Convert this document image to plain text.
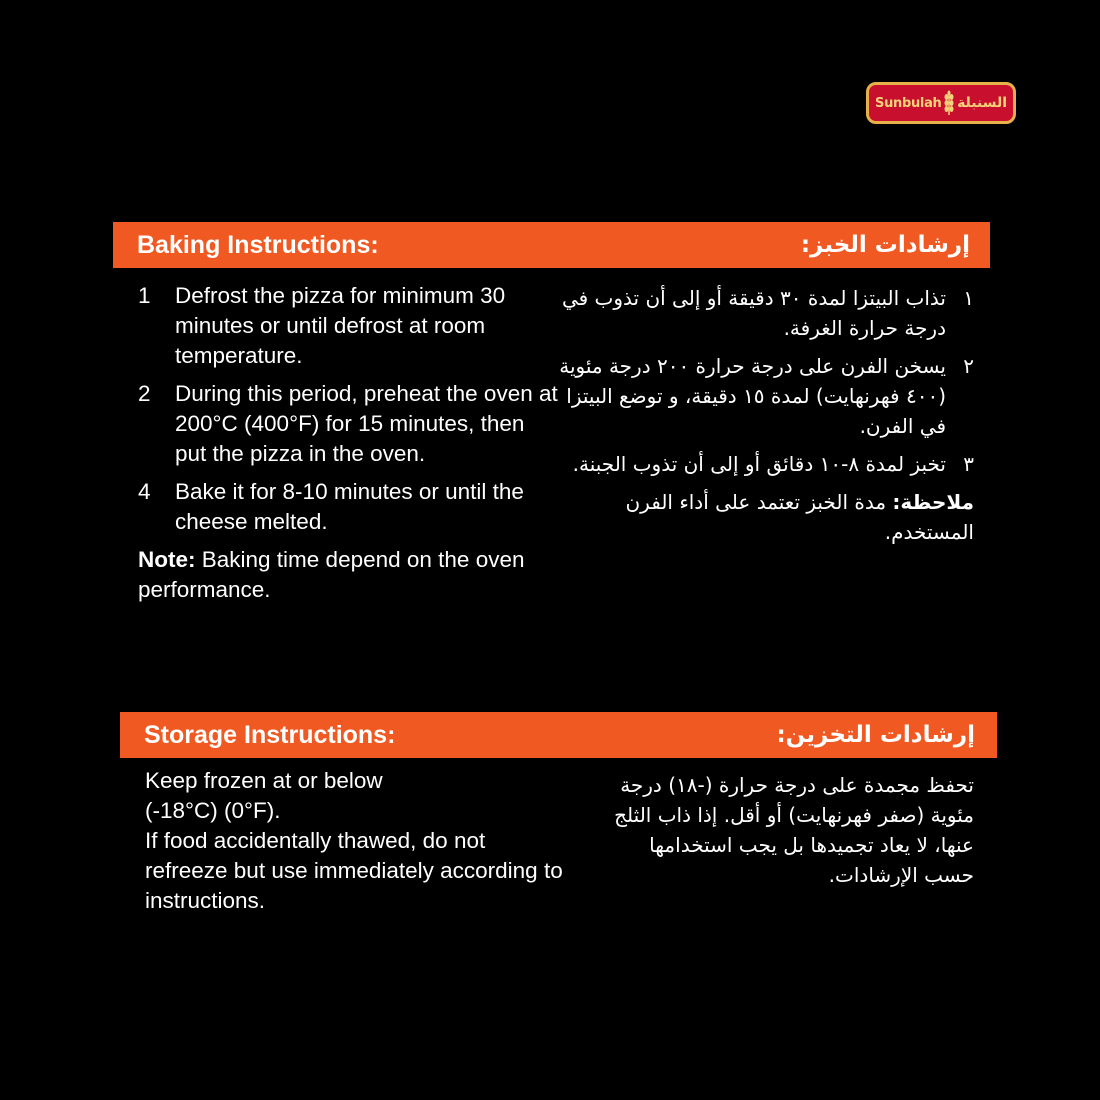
Sunbulah السنبلة
Baking Instructions:	إرشادات الخبز:
1	Defrost the pizza for minimum 30 minutes or until defrost at room temperature.
2	During this period, preheat the oven at 200°C (400°F) for 15 minutes, then put the pizza in the oven.
4	Bake it for 8-10 minutes or until the cheese melted.
Note: Baking time depend on the oven performance.
١
تذاب البيتزا لمدة ٣٠ دقيقة أو إلى أن تذوب في درجة حرارة الغرفة.
٢
يسخن الفرن على درجة حرارة ٢٠٠ درجة مئوية (٤٠٠ فهرنهايت) لمدة ١٥ دقيقة، و توضع البيتزا في الفرن.
٣
تخبز لمدة ٨-١٠ دقائق أو إلى أن تذوب الجبنة.
ملاحظة: مدة الخبز تعتمد على أداء الفرن المستخدم.
Storage Instructions:	إرشادات التخزين:
Keep frozen at or below
(-18°C) (0°F).
If food accidentally thawed, do not refreeze but use immediately according to instructions.
تحفظ مجمدة على درجة حرارة (-١٨) درجة مئوية (صفر فهرنهايت) أو أقل. إذا ذاب الثلج عنها، لا يعاد تجميدها بل يجب استخدامها حسب الإرشادات.
